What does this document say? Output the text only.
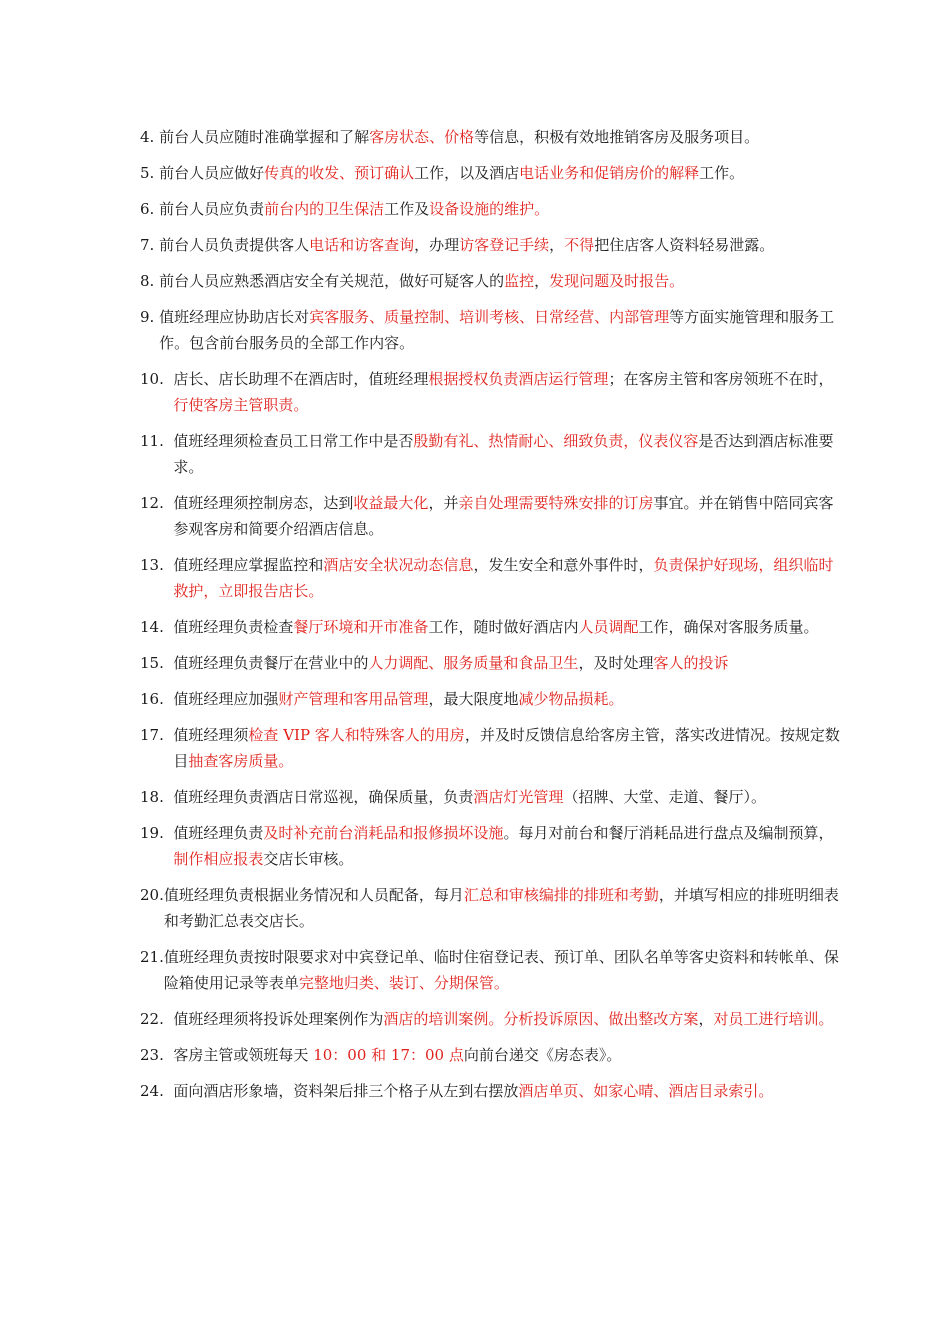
4. 前台人员应随时准确掌握和了解客房状态、价格等信息，积极有效地推销客房及服务项目。
5. 前台人员应做好传真的收发、预订确认工作，以及酒店电话业务和促销房价的解释工作。
6. 前台人员应负责前台内的卫生保洁工作及设备设施的维护。
7. 前台人员负责提供客人电话和访客查询，办理访客登记手续，不得把住店客人资料轻易泄露。
8. 前台人员应熟悉酒店安全有关规范，做好可疑客人的监控，发现问题及时报告。
9. 值班经理应协助店长对宾客服务、质量控制、培训考核、日常经营、内部管理等方面实施管理和服务工作。包含前台服务员的全部工作内容。
10. 店长、店长助理不在酒店时，值班经理根据授权负责酒店运行管理；在客房主管和客房领班不在时，行使客房主管职责。
11. 值班经理须检查员工日常工作中是否殷勤有礼、热情耐心、细致负责，仪表仪容是否达到酒店标准要求。
12. 值班经理须控制房态，达到收益最大化，并亲自处理需要特殊安排的订房事宜。并在销售中陪同宾客参观客房和简要介绍酒店信息。
13. 值班经理应掌握监控和酒店安全状况动态信息，发生安全和意外事件时，负责保护好现场，组织临时救护，立即报告店长。
14. 值班经理负责检查餐厅环境和开市准备工作，随时做好酒店内人员调配工作，确保对客服务质量。
15. 值班经理负责餐厅在营业中的人力调配、服务质量和食品卫生，及时处理客人的投诉
16. 值班经理应加强财产管理和客用品管理，最大限度地减少物品损耗。
17. 值班经理须检查 VIP 客人和特殊客人的用房，并及时反馈信息给客房主管，落实改进情况。按规定数目抽查客房质量。
18. 值班经理负责酒店日常巡视，确保质量，负责酒店灯光管理（招牌、大堂、走道、餐厅）。
19. 值班经理负责及时补充前台消耗品和报修损坏设施。每月对前台和餐厅消耗品进行盘点及编制预算，制作相应报表交店长审核。
20. 值班经理负责根据业务情况和人员配备，每月汇总和审核编排的排班和考勤，并填写相应的排班明细表和考勤汇总表交店长。
21. 值班经理负责按时限要求对中宾登记单、临时住宿登记表、预订单、团队名单等客史资料和转帐单、保险箱使用记录等表单完整地归类、装订、分期保管。
22. 值班经理须将投诉处理案例作为酒店的培训案例。分析投诉原因、做出整改方案，对员工进行培训。
23. 客房主管或领班每天 10：00 和 17：00 点向前台递交《房态表》。
24. 面向酒店形象墙，资料架后排三个格子从左到右摆放酒店单页、如家心晴、酒店目录索引。
